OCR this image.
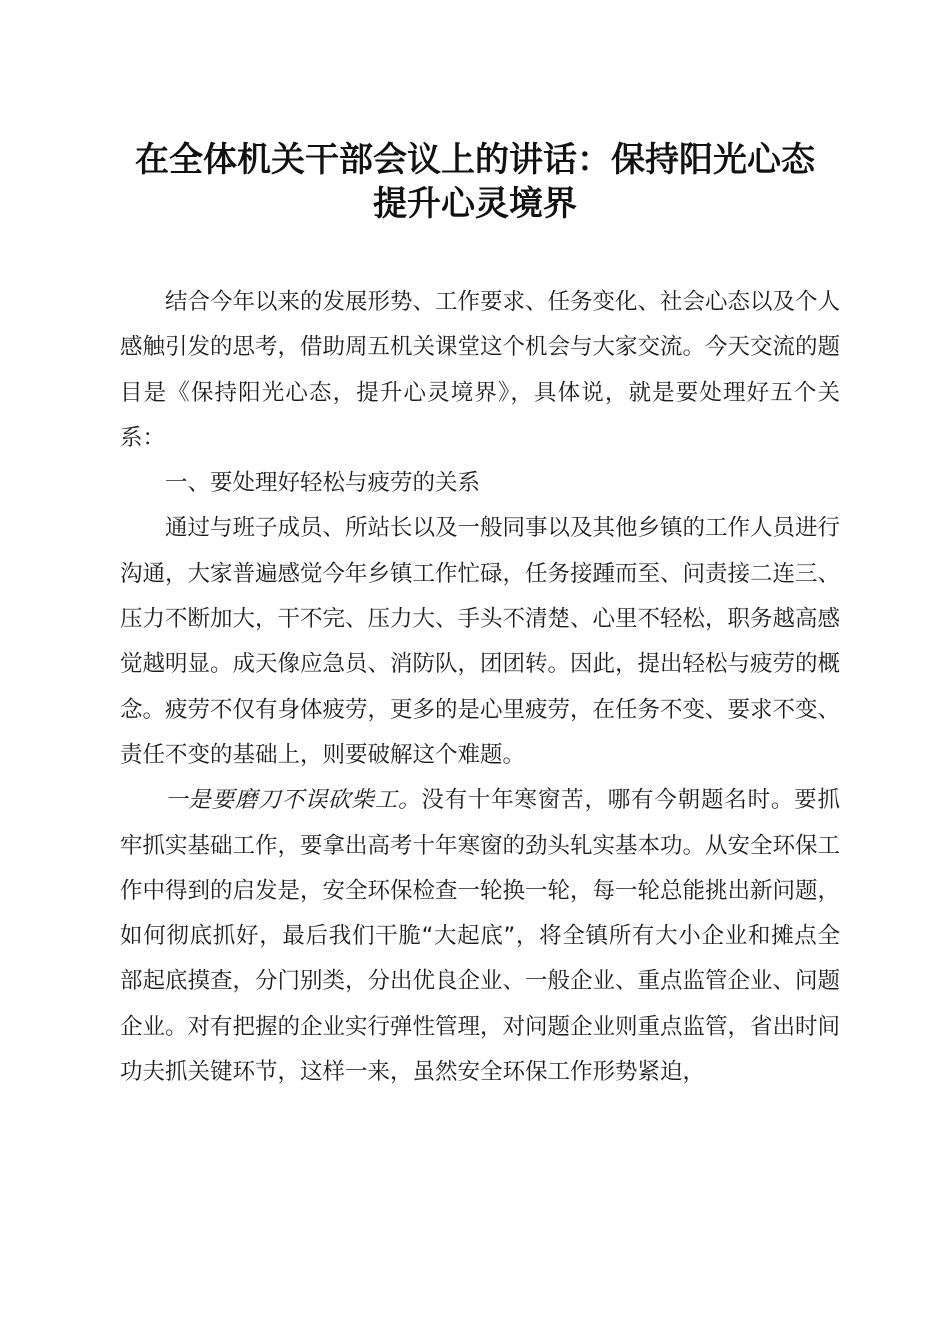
在全体机关干部会议上的讲话：保持阳光心态
提升心灵境界

结合今年以来的发展形势、工作要求、任务变化、社会心态以及个人感触引发的思考，借助周五机关课堂这个机会与大家交流。今天交流的题目是《保持阳光心态，提升心灵境界》，具体说，就是要处理好五个关系：

一、要处理好轻松与疲劳的关系

通过与班子成员、所站长以及一般同事以及其他乡镇的工作人员进行沟通，大家普遍感觉今年乡镇工作忙碌，任务接踵而至、问责接二连三、压力不断加大，干不完、压力大、手头不清楚、心里不轻松，职务越高感觉越明显。成天像应急员、消防队，团团转。因此，提出轻松与疲劳的概念。疲劳不仅有身体疲劳，更多的是心里疲劳，在任务不变、要求不变、责任不变的基础上，则要破解这个难题。

一是要磨刀不误砍柴工。没有十年寒窗苦，哪有今朝题名时。要抓牢抓实基础工作，要拿出高考十年寒窗的劲头轧实基本功。从安全环保工作中得到的启发是，安全环保检查一轮换一轮，每一轮总能挑出新问题，如何彻底抓好，最后我们干脆“大起底”，将全镇所有大小企业和摊点全部起底摸查，分门别类，分出优良企业、一般企业、重点监管企业、问题企业。对有把握的企业实行弹性管理，对问题企业则重点监管，省出时间功夫抓关键环节，这样一来，虽然安全环保工作形势紧迫，
